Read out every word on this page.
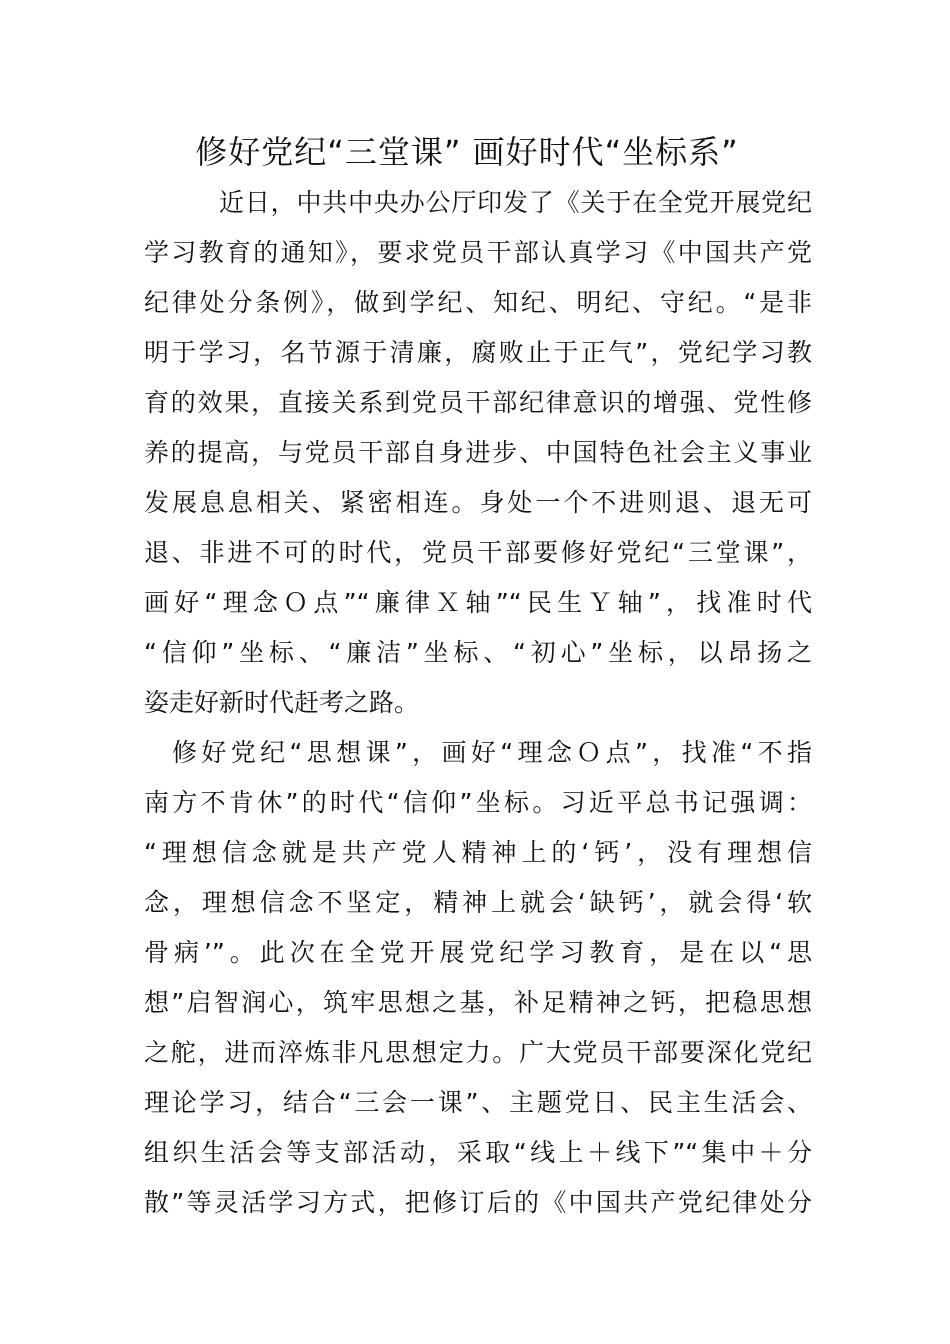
修好党纪“三堂课” 画好时代“坐标系”
近日，中共中央办公厅印发了《关于在全党开展党纪
学习教育的通知》，要求党员干部认真学习《中国共产党
纪律处分条例》，做到学纪、知纪、明纪、守纪。“是非
明于学习，名节源于清廉，腐败止于正气”，党纪学习教
育的效果，直接关系到党员干部纪律意识的增强、党性修
养的提高，与党员干部自身进步、中国特色社会主义事业
发展息息相关、紧密相连。身处一个不进则退、退无可
退、非进不可的时代，党员干部要修好党纪“三堂课”，
画好“理念Ｏ点”“廉律Ｘ轴”“民生Ｙ轴”，找准时代
“信仰”坐标、“廉洁”坐标、“初心”坐标，以昂扬之
姿走好新时代赶考之路。
修好党纪“思想课”，画好“理念Ｏ点”，找准“不指
南方不肯休”的时代“信仰”坐标。习近平总书记强调：
“理想信念就是共产党人精神上的‘钙’，没有理想信
念，理想信念不坚定，精神上就会‘缺钙’，就会得‘软
骨病’”。此次在全党开展党纪学习教育，是在以“思
想”启智润心，筑牢思想之基，补足精神之钙，把稳思想
之舵，进而淬炼非凡思想定力。广大党员干部要深化党纪
理论学习，结合“三会一课”、主题党日、民主生活会、
组织生活会等支部活动，采取“线上＋线下”“集中＋分
散”等灵活学习方式，把修订后的《中国共产党纪律处分
